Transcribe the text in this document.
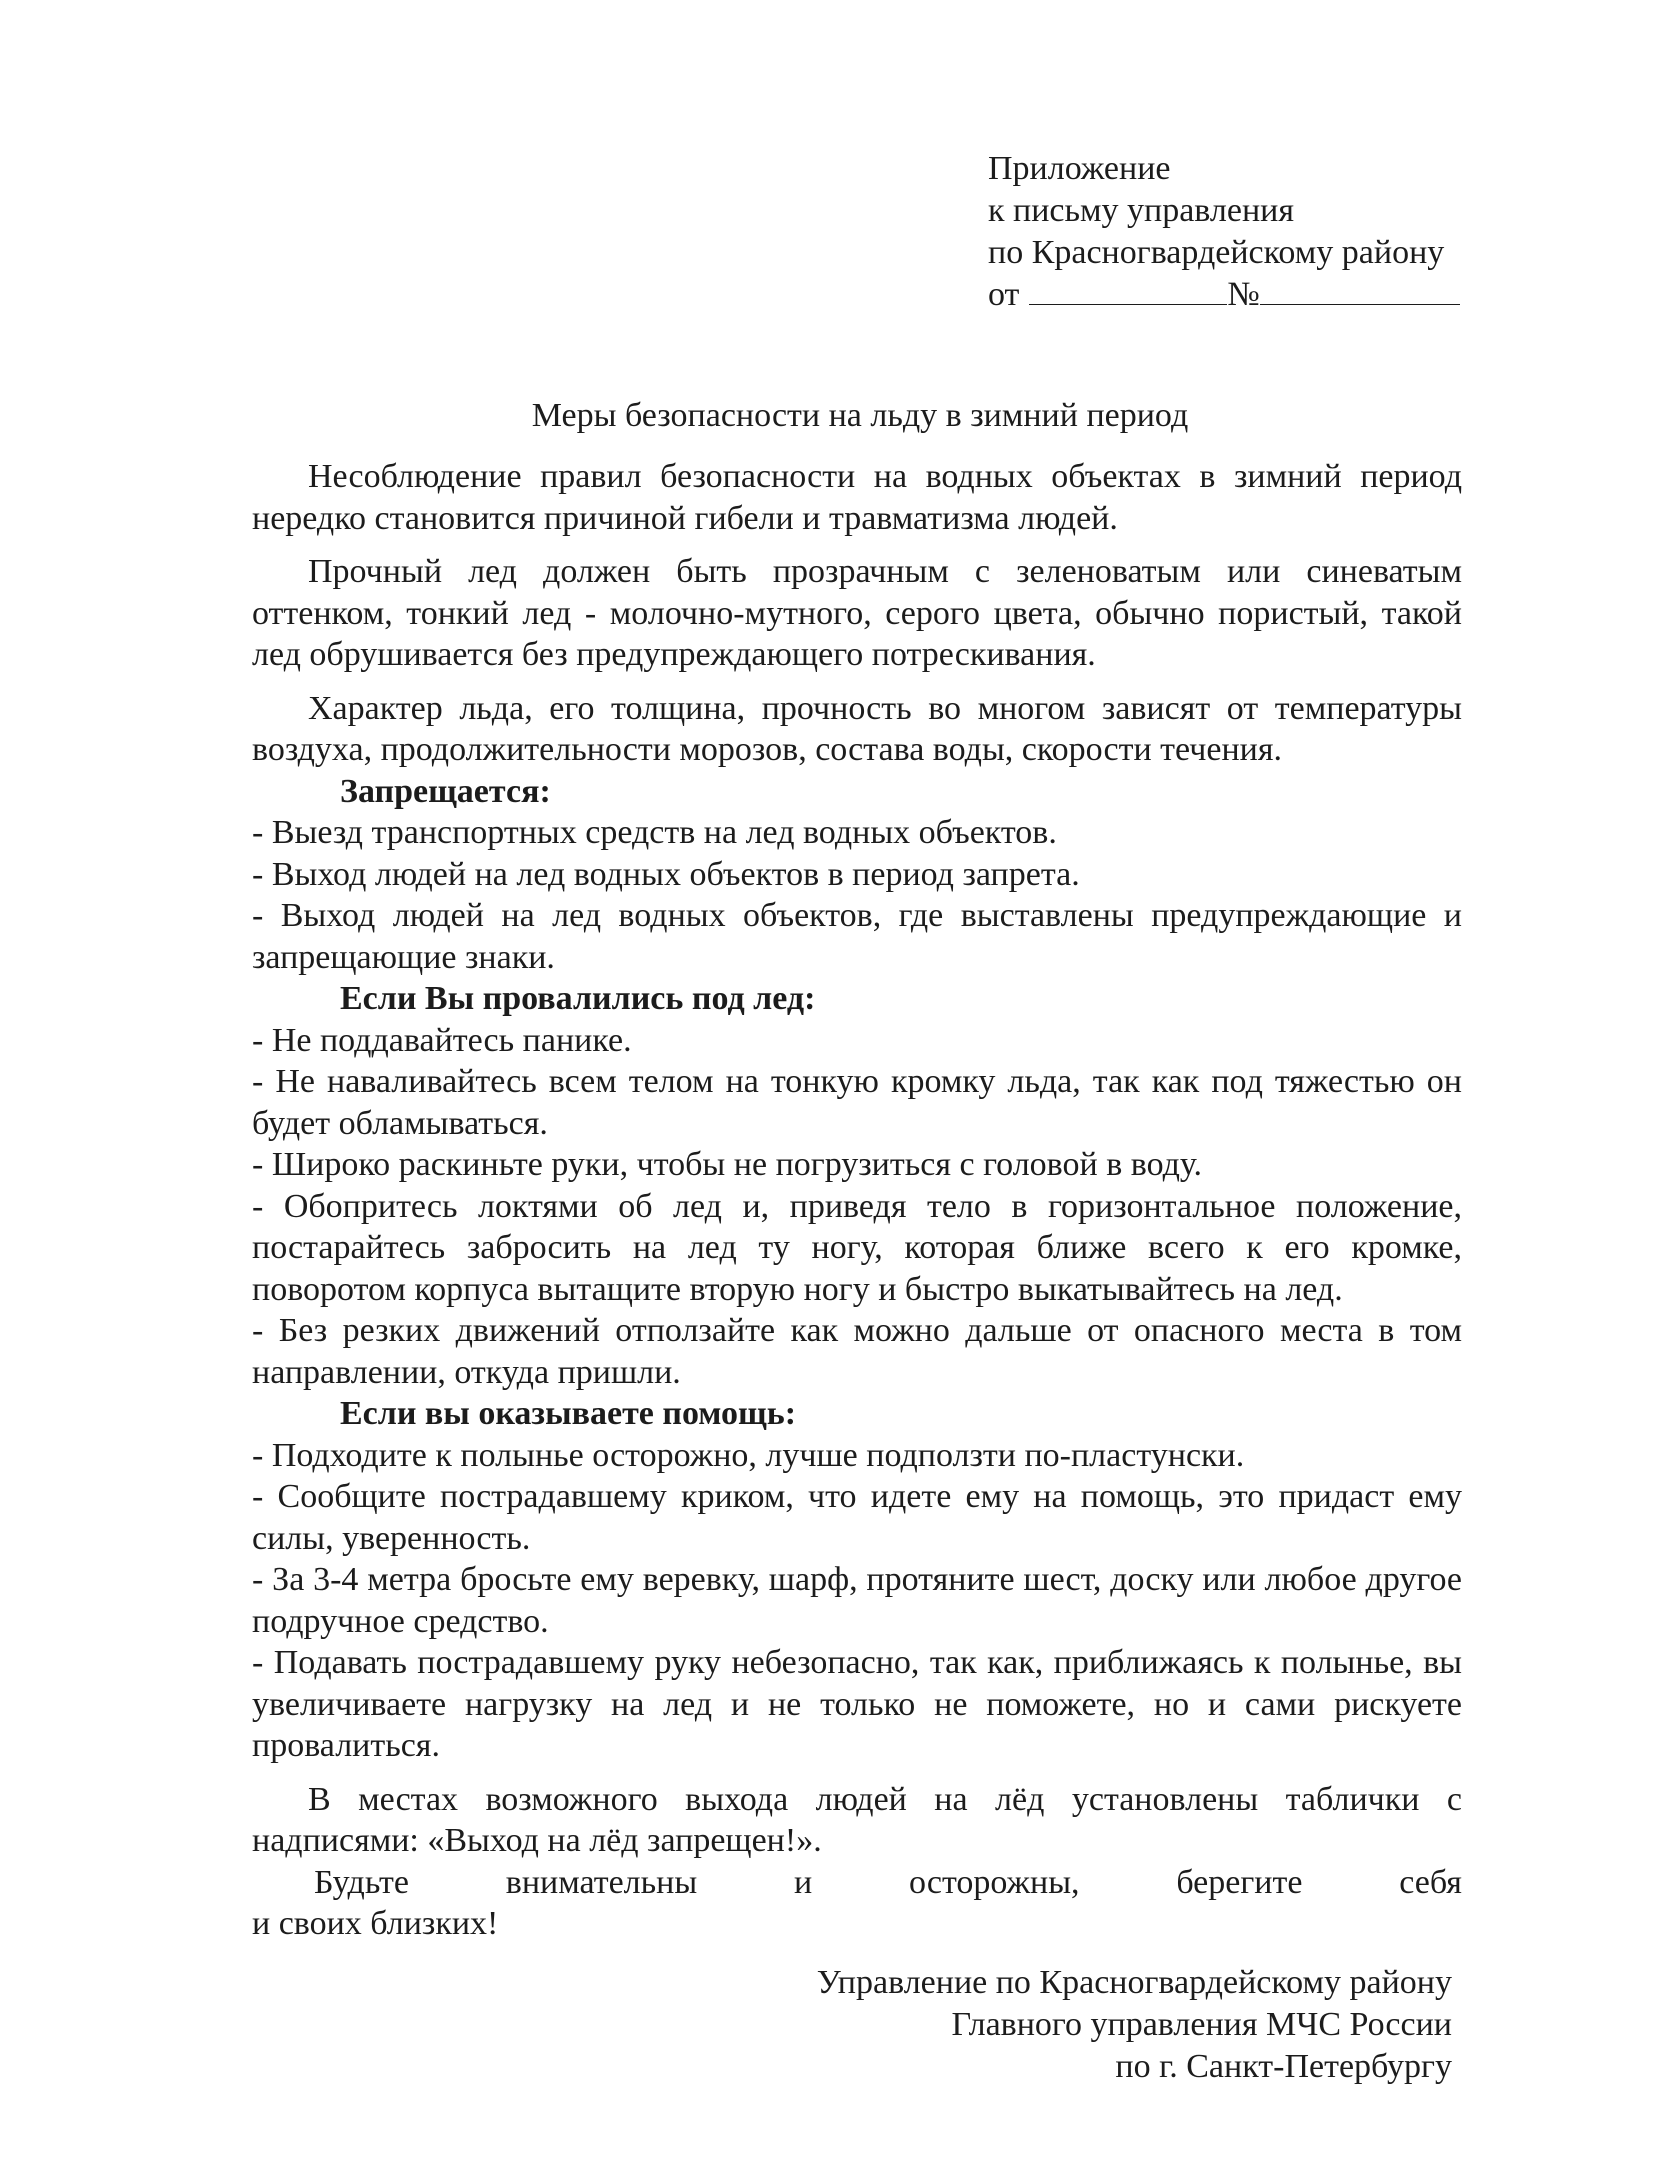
Приложение
к письму управления
по Красногвардейскому району
от	№
Меры безопасности на льду в зимний период

Несоблюдение правил безопасности на водных объектах в зимний период нередко становится причиной гибели и травматизма людей.

Прочный лед должен быть прозрачным с зеленоватым или синеватым оттенком, тонкий лед - молочно-мутного, серого цвета, обычно пористый, такой лед обрушивается без предупреждающего потрескивания.

Характер льда, его толщина, прочность во многом зависят от температуры воздуха, продолжительности морозов, состава воды, скорости течения.

Запрещается:

- Выезд транспортных средств на лед водных объектов.

- Выход людей на лед водных объектов в период запрета.

- Выход людей на лед водных объектов, где выставлены предупреждающие и запрещающие знаки.

Если Вы провалились под лед:

- Не поддавайтесь панике.

- Не наваливайтесь всем телом на тонкую кромку льда, так как под тяжестью он будет обламываться.

- Широко раскиньте руки, чтобы не погрузиться с головой в воду.

- Обопритесь локтями об лед и, приведя тело в горизонтальное положение, постарайтесь забросить на лед ту ногу, которая ближе всего к его кромке, поворотом корпуса вытащите вторую ногу и быстро выкатывайтесь на лед.

- Без резких движений отползайте как можно дальше от опасного места в том направлении, откуда пришли.

Если вы оказываете помощь:

- Подходите к полынье осторожно, лучше подползти по-пластунски.

- Сообщите пострадавшему криком, что идете ему на помощь, это придаст ему силы, уверенность.

- За 3-4 метра бросьте ему веревку, шарф, протяните шест, доску или любое другое подручное средство.

- Подавать пострадавшему руку небезопасно, так как, приближаясь к полынье, вы увеличиваете нагрузку на лед и не только не поможете, но и сами рискуете провалиться.

В местах возможного выхода людей на лёд установлены таблички с надписями: «Выход на лёд запрещен!».

Будьте	внимательны	и	осторожны,	берегите	себя

и своих близких!

Управление по Красногвардейскому району
Главного управления МЧС России
по г. Санкт-Петербургу
